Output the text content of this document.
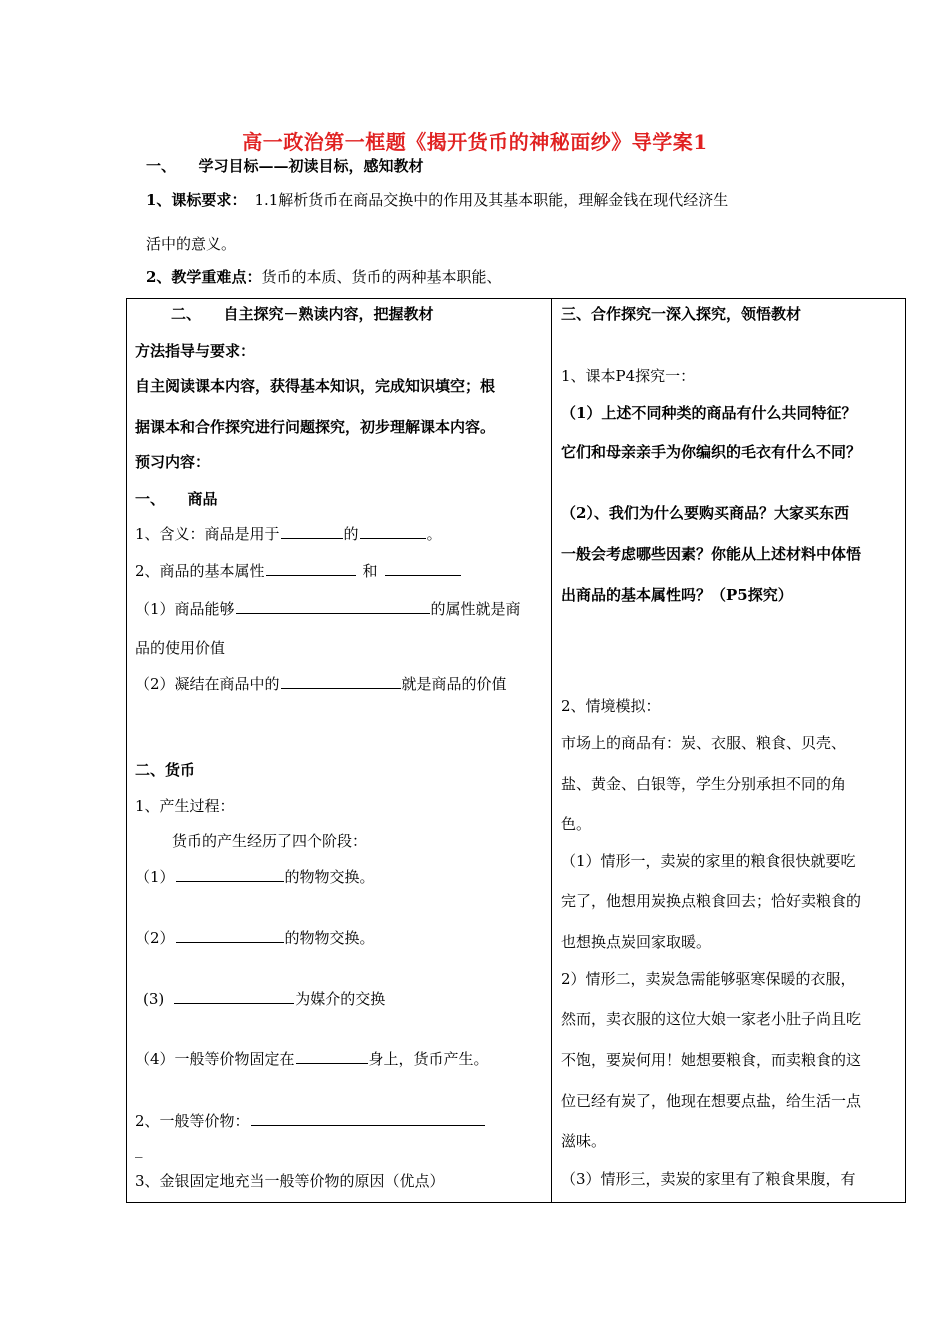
高一政治第一框题《揭开货币的神秘面纱》导学案1
一、　　学习目标——初读目标，感知教材
1、课标要求： 1.1解析货币在商品交换中的作用及其基本职能，理解金钱在现代经济生
活中的意义。
2、教学重难点：货币的本质、货币的两种基本职能、
二、　　自主探究－熟读内容，把握教材
方法指导与要求：
自主阅读课本内容，获得基本知识，完成知识填空；根
据课本和合作探究进行问题探究，初步理解课本内容。
预习内容：
一、　　商品
1、含义：商品是用于	的	。
2、商品的基本属性	和
（1）商品能够	的属性就是商
品的使用价值
（2）凝结在商品中的	就是商品的价值
二、货币
1、产生过程：
货币的产生经历了四个阶段：
（1）	的物物交换。
（2）	的物物交换。
(3)	为媒介的交换
（4）一般等价物固定在	身上，货币产生。
2、一般等价物：
_
3、金银固定地充当一般等价物的原因（优点）
三、合作探究一深入探究，领悟教材
1、课本P4探究一：
（1）上述不同种类的商品有什么共同特征？
它们和母亲亲手为你编织的毛衣有什么不同？
（2）、我们为什么要购买商品？大家买东西
一般会考虑哪些因素？你能从上述材料中体悟
出商品的基本属性吗？（P5探究）
2、情境模拟：
市场上的商品有：炭、衣服、粮食、贝壳、
盐、黄金、白银等，学生分别承担不同的角
色。
（1）情形一，卖炭的家里的粮食很快就要吃
完了，他想用炭换点粮食回去；恰好卖粮食的
也想换点炭回家取暖。
2）情形二，卖炭急需能够驱寒保暖的衣服，
然而，卖衣服的这位大娘一家老小肚子尚且吃
不饱，要炭何用！她想要粮食，而卖粮食的这
位已经有炭了，他现在想要点盐，给生活一点
滋味。
（3）情形三，卖炭的家里有了粮食果腹，有
